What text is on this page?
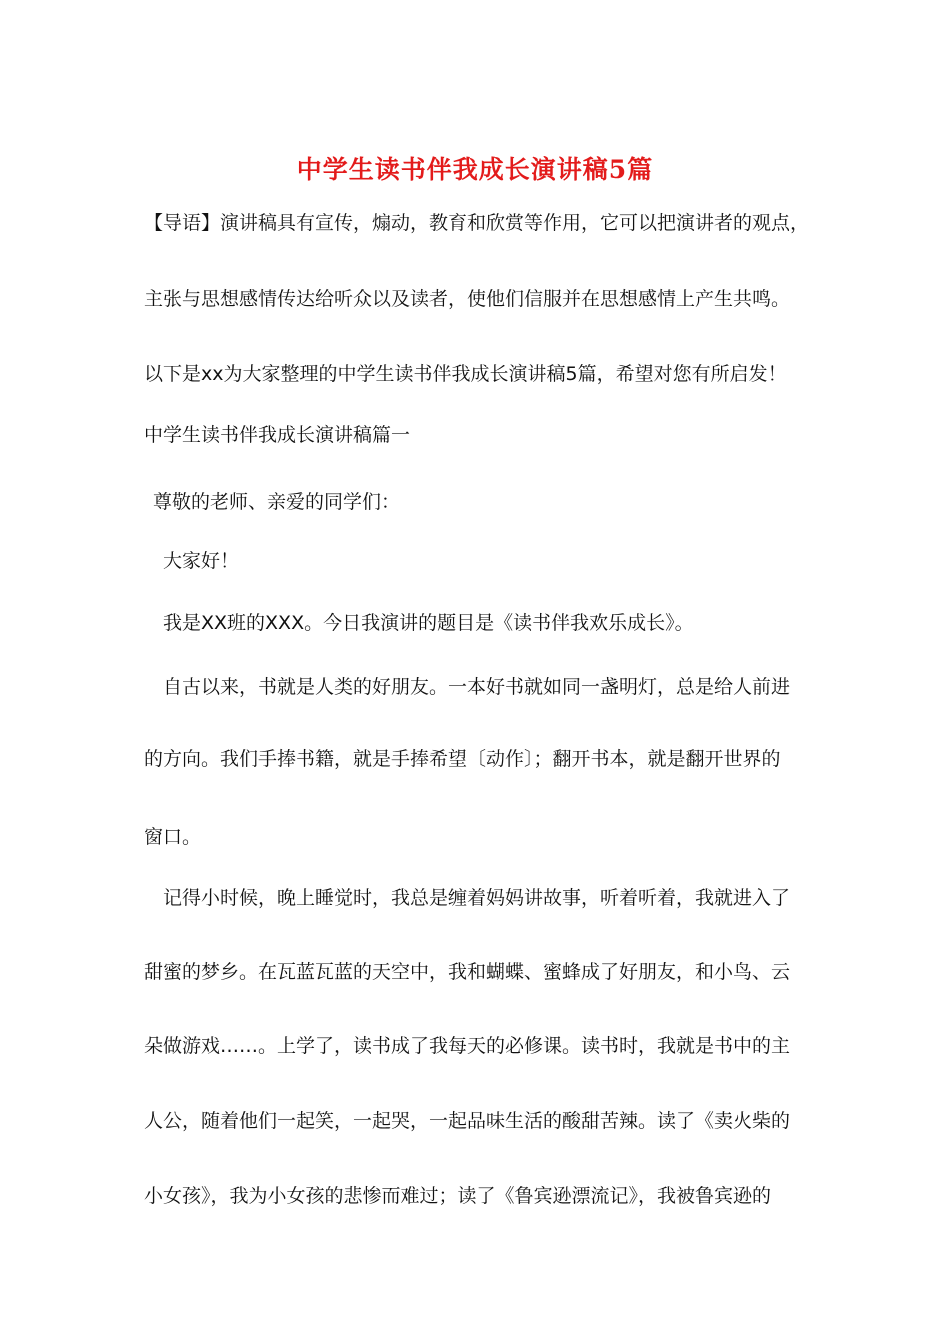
中学生读书伴我成长演讲稿5篇
【导语】演讲稿具有宣传，煽动，教育和欣赏等作用，它可以把演讲者的观点，
主张与思想感情传达给听众以及读者，使他们信服并在思想感情上产生共鸣。
以下是xx为大家整理的中学生读书伴我成长演讲稿5篇，希望对您有所启发！
中学生读书伴我成长演讲稿篇一
尊敬的老师、亲爱的同学们：
大家好！
我是XX班的XXX。今日我演讲的题目是《读书伴我欢乐成长》。
自古以来，书就是人类的好朋友。一本好书就如同一盏明灯，总是给人前进
的方向。我们手捧书籍，就是手捧希望〔动作〕；翻开书本，就是翻开世界的
窗口。
记得小时候，晚上睡觉时，我总是缠着妈妈讲故事，听着听着，我就进入了
甜蜜的梦乡。在瓦蓝瓦蓝的天空中，我和蝴蝶、蜜蜂成了好朋友，和小鸟、云
朵做游戏……。上学了，读书成了我每天的必修课。读书时，我就是书中的主
人公，随着他们一起笑，一起哭，一起品味生活的酸甜苦辣。读了《卖火柴的
小女孩》，我为小女孩的悲惨而难过；读了《鲁宾逊漂流记》，我被鲁宾逊的
